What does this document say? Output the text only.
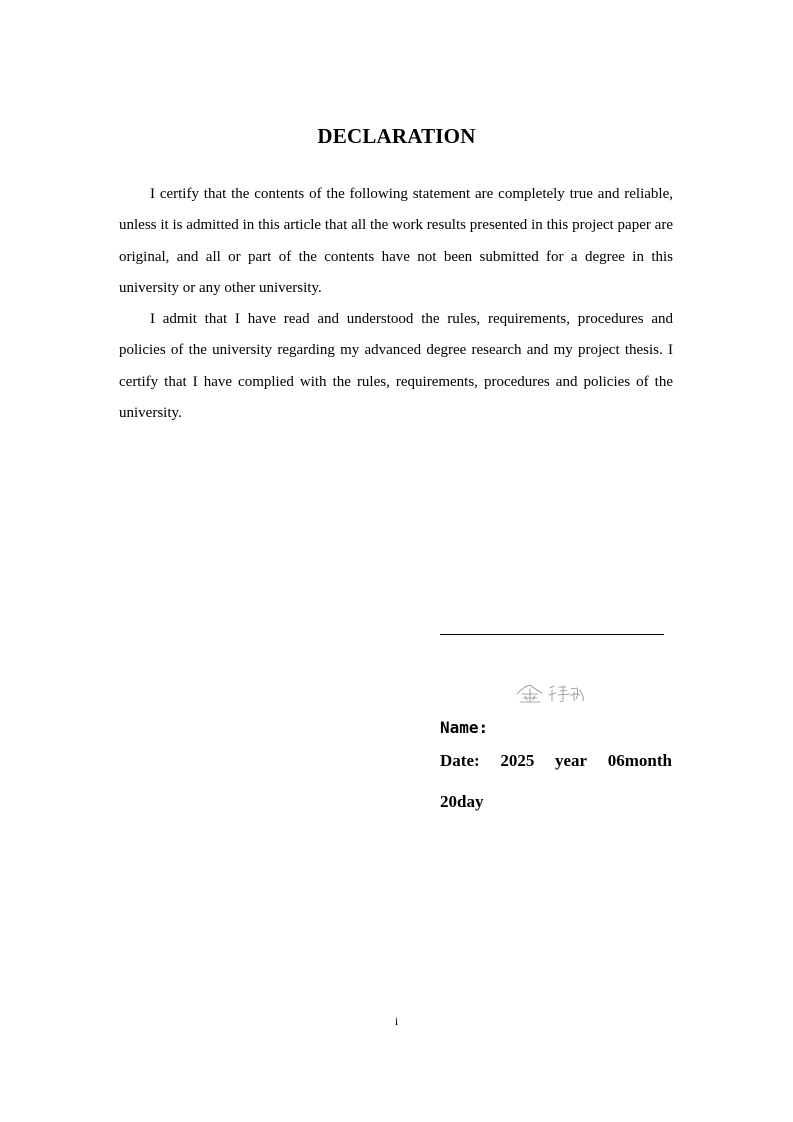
DECLARATION

I certify that the contents of the following statement are completely true and reliable, unless it is admitted in this article that all the work results presented in this project paper are original, and all or part of the contents have not been submitted for a degree in this university or any other university.

I admit that I have read and understood the rules, requirements, procedures and policies of the university regarding my advanced degree research and my project thesis. I certify that I have complied with the rules, requirements, procedures and policies of the university.

Name:
Date: 2025 year 06month
20day
i
